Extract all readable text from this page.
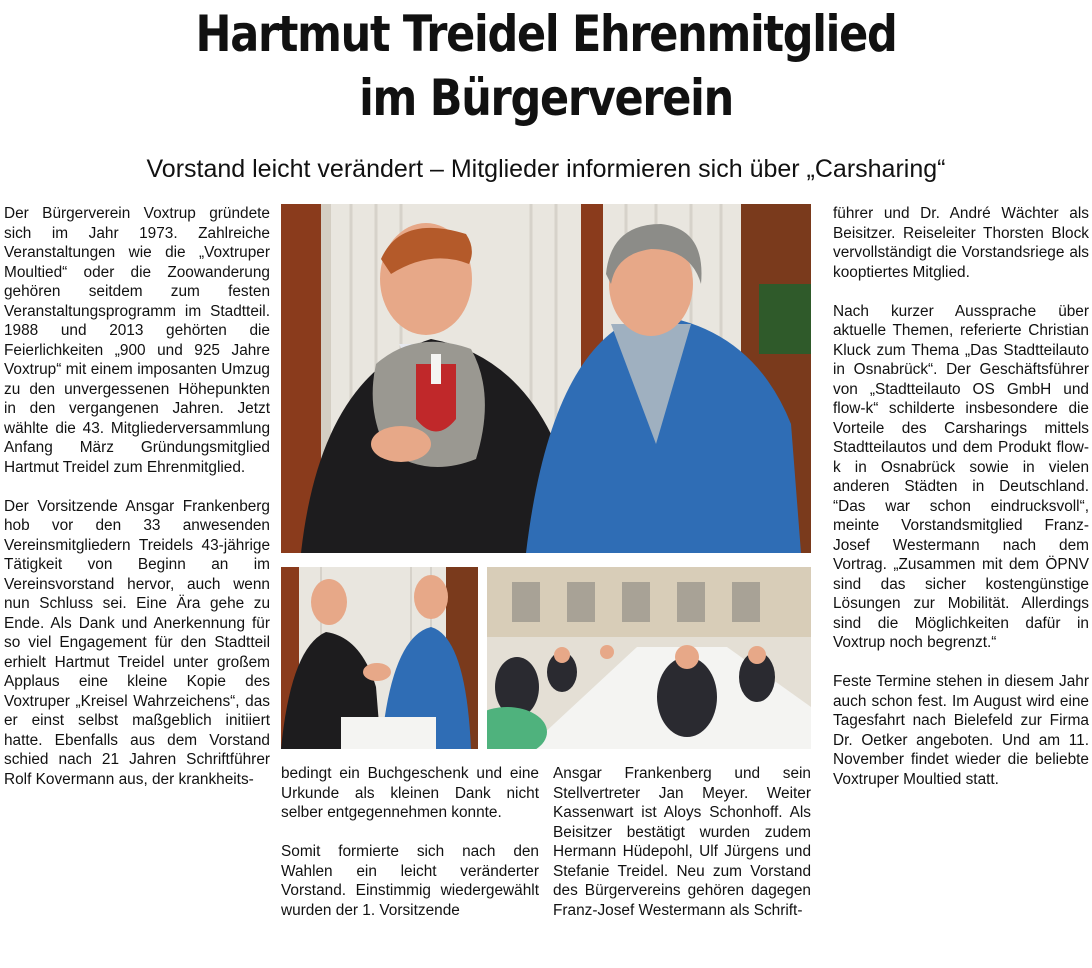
Hartmut Treidel Ehrenmitglied
im Bürgerverein
Vorstand leicht verändert – Mitglieder informieren sich über „Carsharing“

Der Bürgerverein Voxtrup gründete sich im Jahr 1973. Zahlreiche Veranstaltungen wie die „Voxtruper Moultied“ oder die Zoowanderung gehören seitdem zum festen Veranstaltungsprogramm im Stadtteil. 1988 und 2013 gehörten die Feierlichkeiten „900 und 925 Jahre Voxtrup“ mit einem imposanten Umzug zu den unvergessenen Höhepunkten in den vergangenen Jahren. Jetzt wählte die 43. Mitgliederversammlung Anfang März Gründungsmitglied Hartmut Treidel zum Ehrenmitglied.

Der Vorsitzende Ansgar Frankenberg hob vor den 33 anwesenden Vereinsmitgliedern Treidels 43-jährige Tätigkeit von Beginn an im Vereinsvorstand hervor, auch wenn nun Schluss sei. Eine Ära gehe zu Ende. Als Dank und Anerkennung für so viel Engagement für den Stadtteil erhielt Hartmut Treidel unter großem Applaus eine kleine Kopie des Voxtruper „Kreisel Wahrzeichens“, das er einst selbst maßgeblich initiiert hatte. Ebenfalls aus dem Vorstand schied nach 21 Jahren Schriftführer Rolf Kovermann aus, der krankheits-	bedingt ein Buchgeschenk und eine Urkunde als kleinen Dank nicht selber entgegennehmen konnte.

Somit formierte sich nach den Wahlen ein leicht veränderter Vorstand. Einstimmig wiedergewählt wurden der 1. Vorsitzende

Ansgar Frankenberg und sein Stellvertreter Jan Meyer. Weiter Kassenwart ist Aloys Schonhoff. Als Beisitzer bestätigt wurden zudem Hermann Hüdepohl, Ulf Jürgens und Stefanie Treidel. Neu zum Vorstand des Bürgervereins gehören dagegen Franz-Josef Westermann als Schrift-

führer und Dr. André Wächter als Beisitzer. Reiseleiter Thorsten Block vervollständigt die Vorstandsriege als kooptiertes Mitglied.

Nach kurzer Aussprache über aktuelle Themen, referierte Christian Kluck zum Thema „Das Stadtteilauto in Osnabrück“. Der Geschäftsführer von „Stadtteilauto OS GmbH und flow-k“ schilderte insbesondere die Vorteile des Carsharings mittels Stadtteilautos und dem Produkt flow-k in Osnabrück sowie in vielen anderen Städten in Deutschland. “Das war schon eindrucksvoll“, meinte Vorstandsmitglied Franz-Josef Westermann nach dem Vortrag. „Zusammen mit dem ÖPNV sind das sicher kostengünstige Lösungen zur Mobilität. Allerdings sind die Möglichkeiten dafür in Voxtrup noch begrenzt.“

Feste Termine stehen in diesem Jahr auch schon fest. Im August wird eine Tagesfahrt nach Bielefeld zur Firma Dr. Oetker angeboten. Und am 11. November findet wieder die beliebte Voxtruper Moultied statt.
